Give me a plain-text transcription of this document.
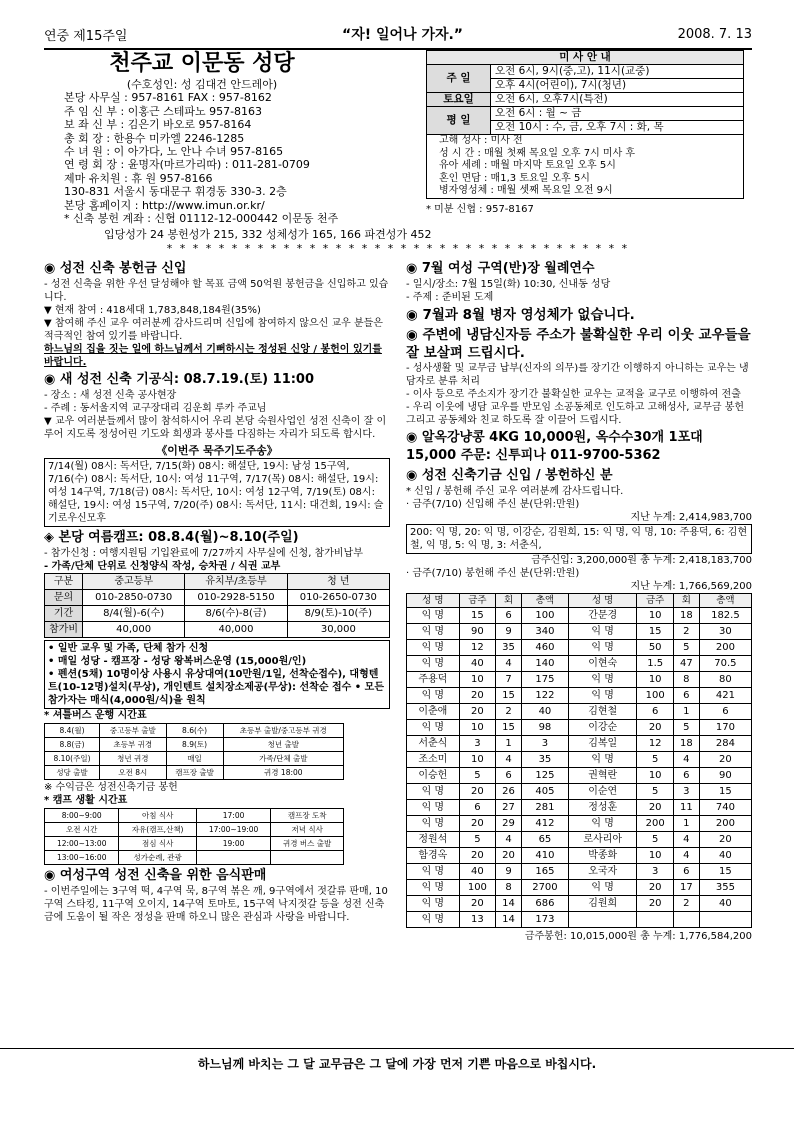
연중 제15주일	“자! 일어나 가자.”	2008. 7. 13
천주교 이문동 성당
(수호성인: 성 김대건 안드레아)
본당 사무실 : 957-8161 FAX : 957-8162
주 임 신 부 : 이홍근 스테파노 957-8163
보 좌 신 부 : 김은기 바오로 957-8164
총 회 장 : 한용수 미카엘 2246-1285
수 녀 원 : 이 아가다, 노 안나 수녀 957-8165
연 령 회 장 : 윤명자(마르가리따) : 011-281-0709
제마 유치원 : 휴 원 957-8166
130-831 서울시 동대문구 휘경동 330-3. 2층
본당 홈페이지 : http://www.imun.or.kr/
* 신축 봉헌 계좌 : 신협 01112-12-000442 이문동 천주
미 사 안 내	
주 일	오전 6시, 9시(중,고), 11시(교중)
	오후 4시(어린이), 7시(청년)
토요일	오전 6시, 오후7시(특전)
평 일	오전 6시 : 월 ~ 금
	오전 10시 : 수, 금, 오후 7시 : 화, 목

고해 성사 : 미사 전
성 시 간 : 매월 첫째 목요일 오후 7시 미사 후
유아 세례 : 매월 마지막 토요일 오후 5시
혼인 면담 : 매1,3 토요일 오후 5시
병자영성체 : 매월 셋째 목요일 오전 9시	
* 미분 신협 : 957-8167
입당성가 24 봉헌성가 215, 332 성체성가 165, 166 파견성가 452
* * * * * * * * * * * * * * * * * * * * * * * * * * * * * * * * * * * *
◉ 성전 신축 봉헌금 신입

- 성전 신축을 위한 우선 달성해야 할 목표 금액 50억원 봉헌금을 신입하고 있습니다.

▼ 현재 참여 : 418세대 1,783,848,184원(35%)

▼ 참여해 주신 교우 여러분께 감사드리며 신입에 참여하지 않으신 교우 분들은 적극적인 참여 있기를 바랍니다.

하느님의 집을 짓는 일에 하느님께서 기뻐하시는 정성된 신앙 / 봉헌이 있기를 바랍니다.

◉ 새 성전 신축 기공식: 08.7.19.(토) 11:00

- 장소 : 새 성전 신축 공사현장

- 주례 : 동서울지역 교구장대리 김운회 루카 주교님

▼ 교우 여러분들께서 많이 참석하시어 우리 본당 숙원사업인 성전 신축이 잘 이루어 지도록 정성어린 기도와 희생과 봉사를 다짐하는 자리가 되도록 합시다.

《이번주 묵주기도주송》
7/14(월) 08시: 독서단, 7/15(화) 08시: 해설단, 19시: 남성 15구역, 7/16(수) 08시: 독서단, 10시: 여성 11구역, 7/17(목) 08시: 해설단, 19시: 여성 14구역, 7/18(금) 08시: 독서단, 10시: 여성 12구역, 7/19(토) 08시: 해설단, 19시: 여성 15구역, 7/20(주) 08시: 독서단, 11시: 대건회, 19시: 슬기로우신모후
◈ 본당 여름캠프: 08.8.4(월)~8.10(주일)

- 참가신청 : 여행지원팀 기입완료에 7/27까지 사무실에 신청, 참가비납부

- 가족/단체 단위로 신청양식 작성, 승차권 / 식권 교부

구분	중고등부	유치부/초등부	청 년
문의	010-2850-0730	010-2928-5150	010-2650-0730
기간	8/4(월)-6(수)	8/6(수)-8(금)	8/9(토)-10(주)
참가비	40,000	40,000	30,000
• 일반 교우 및 가족, 단체 참가 신청
• 매일 성당 - 캠프장 - 성당 왕복버스운영 (15,000원/인)
• 펜션(5채) 10명이상 사용시 유상대여(10만원/1일, 선착순접수), 대형텐트(10-12명)설치(무상), 개인텐트 설치장소제공(무상): 선착순 접수 • 모든 참가자는 매식(4,000원/식)을 원칙

* 셔틀버스 운행 시간표

8.4(월)	중고등부 출발	8.6(수)	초등부 출발/중고등부 귀경
8.8(금)	초등부 귀경	8.9(토)	청년 출발
8.10(주일)	청년 귀경	매일	가족/단체 출발
성당 출발	오전 8시	캠프장 출발	귀경 18:00

※ 수익금은 성전신축기금 봉헌

* 캠프 생활 시간표

8:00~9:00	아침 식사	17:00	캠프장 도착
오전 시간	자유(캠프,산책)	17:00~19:00	저녁 식사
12:00~13:00	점심 식사	19:00	귀경 버스 출발
13:00~16:00	성가순례, 관광		
◉ 여성구역 성전 신축을 위한 음식판매

- 이번주일에는 3구역 떡, 4구역 묵, 8구역 볶은 깨, 9구역에서 젓갈류 판매, 10구역 스타킹, 11구역 오이지, 14구역 토마토, 15구역 낙지젓갈 등을 성전 신축금에 도움이 될 작은 정성을 판매 하오니 많은 관심과 사랑을 바랍니다.

◉ 7월 여성 구역(반)장 월례연수

- 일시/장소: 7월 15일(화) 10:30, 신내동 성당

- 주제 : 준비된 도제

◉ 7월과 8월 병자 영성체가 없습니다.
◉ 주변에 냉담신자등 주소가 불확실한 우리 이웃 교우들을 잘 보살펴 드립시다.

- 성사생활 및 교무금 납부(신자의 의무)를 장기간 이행하지 아니하는 교우는 냉담자로 분류 처리

- 이사 등으로 주소지가 장기간 불확실한 교우는 교적을 교구로 이행하여 전출

- 우리 이웃에 냉담 교우를 반모임 소공동체로 인도하고 고해성사, 교무금 봉헌 그리고 공동체와 친교 하도록 잘 이끌어 드립시다.

◉ 알옥강냥콩 4KG 10,000원, 옥수수30개 1포대 15,000 주문: 신투피나 011-9700-5362
◉ 성전 신축기금 신입 / 봉헌하신 분

* 신입 / 봉헌해 주신 교우 여러분께 감사드립니다.

· 금주(7/10) 신입해 주신 분(단위:만원)

지난 누계: 2,414,983,700

200: 익 명, 20: 익 명, 이강순, 김원희, 15: 익 명, 익 명, 10: 주용덕, 6: 김현철, 익 명, 5: 익 명, 3: 서춘식,

금주신입: 3,200,000원 총 누계: 2,418,183,700

· 금주(7/10) 봉헌해 주신 분(단위:만원)

지난 누계: 1,766,569,200

성 명	금주	회	총액	성 명	금주	회	총액
익 명	15	6	100	간문경	10	18	182.5
익 명	90	9	340	익 명	15	2	30
익 명	12	35	460	익 명	50	5	200
익 명	40	4	140	이현숙	1.5	47	70.5
주용덕	10	7	175	익 명	10	8	80
익 명	20	15	122	익 명	100	6	421
이춘애	20	2	40	김현철	6	1	6
익 명	10	15	98	이강순	20	5	170
서춘식	3	1	3	김복일	12	18	284
조소미	10	4	35	익 명	5	4	20
이승헌	5	6	125	권혁란	10	6	90
익 명	20	26	405	이순연	5	3	15
익 명	6	27	281	정성훈	20	11	740
익 명	20	29	412	익 명	200	1	200
정원석	5	4	65	로사리아	5	4	20
함경옥	20	20	410	박종화	10	4	40
익 명	40	9	165	오국자	3	6	15
익 명	100	8	2700	익 명	20	17	355
익 명	20	14	686	김원희	20	2	40
익 명	13	14	173				

금주봉헌: 10,015,000원 총 누계: 1,776,584,200

하느님께 바치는 그 달 교무금은 그 달에 가장 먼저 기쁜 마음으로 바칩시다.
